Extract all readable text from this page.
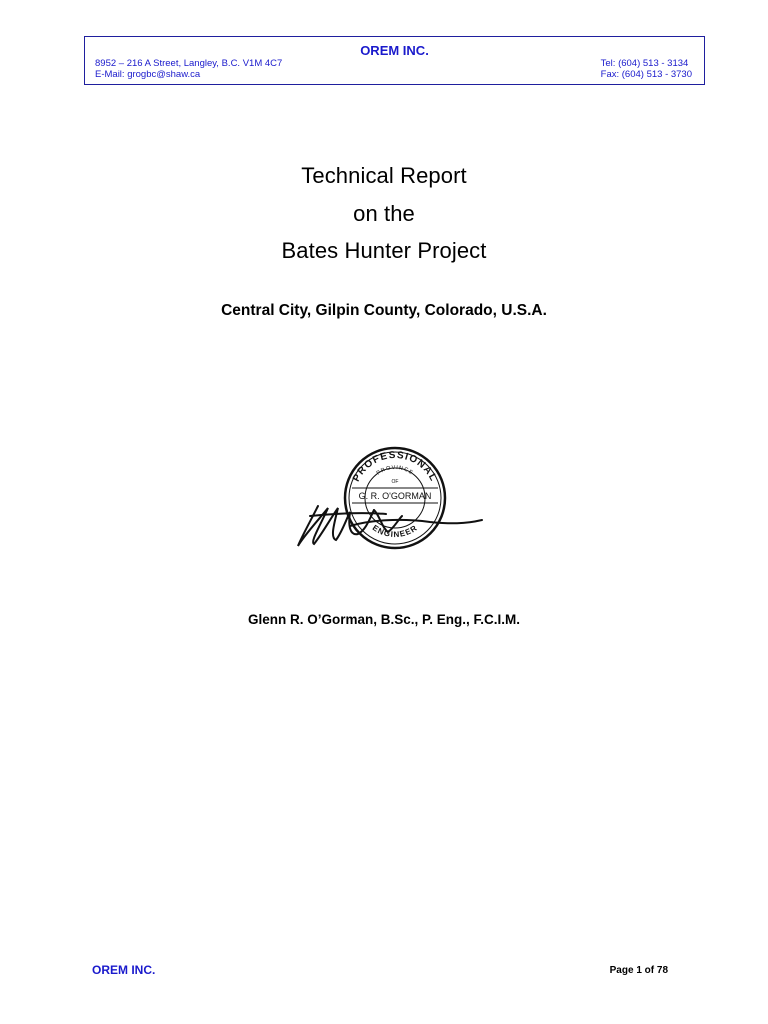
OREM INC.
8952 – 216 A Street, Langley, B.C. V1M 4C7
E-Mail: grogbc@shaw.ca
Tel: (604) 513 - 3134
Fax: (604) 513 - 3730
Technical Report
on the
Bates Hunter Project
Central City, Gilpin County, Colorado, U.S.A.
PROFESSIONAL
PROVINCE
OF
G. R. O'GORMAN
ENGINEER
Glenn R. O’Gorman, B.Sc., P. Eng., F.C.I.M.
OREM INC.	Page 1 of 78
